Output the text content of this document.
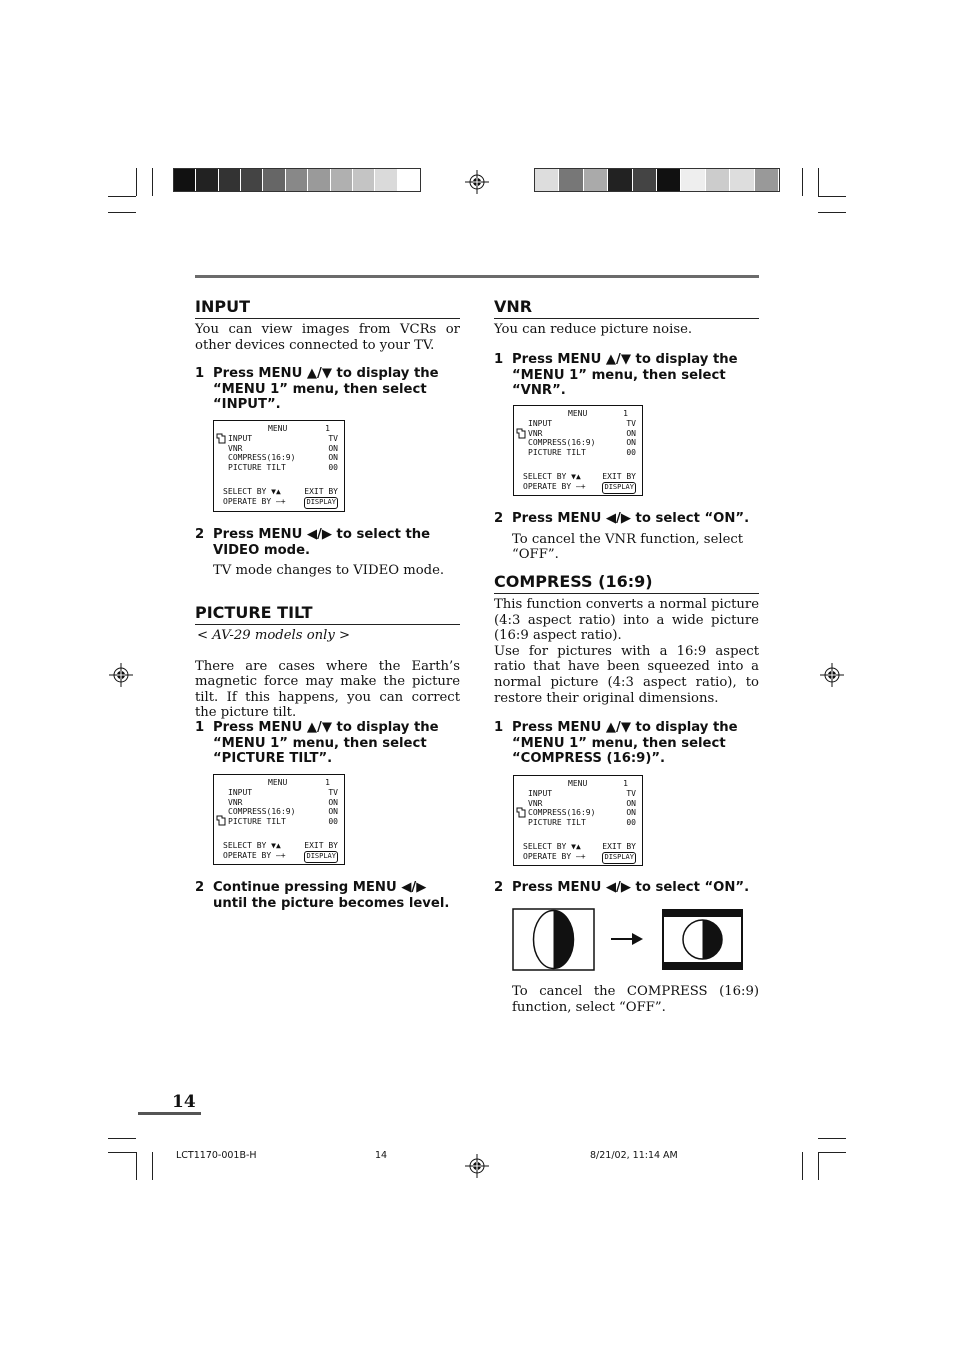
INPUT

You can view images from VCRs or other devices connected to your TV.

1 Press MENU ▲/▼ to display the “MENU 1” menu, then select “INPUT”.

MENU	1
INPUT	TV
VNR	ON
COMPRESS(16:9)	ON
PICTURE TILT	00
SELECT BY ▼▲	EXIT BY
OPERATE BY —+	DISPLAY

2 Press MENU ◀/▶ to select the VIDEO mode.

TV mode changes to VIDEO mode.

PICTURE TILT

< AV-29 models only >

There are cases where the Earth’s magnetic force may make the picture tilt. If this happens, you can correct the picture tilt.

1 Press MENU ▲/▼ to display the “MENU 1” menu, then select “PICTURE TILT”.

MENU	1
INPUT	TV
VNR	ON
COMPRESS(16:9)	ON
PICTURE TILT	00
SELECT BY ▼▲	EXIT BY
OPERATE BY —+	DISPLAY

2 Continue pressing MENU ◀/▶ until the picture becomes level.

VNR

You can reduce picture noise.

1 Press MENU ▲/▼ to display the “MENU 1” menu, then select “VNR”.

MENU	1
INPUT	TV
VNR	ON
COMPRESS(16:9)	ON
PICTURE TILT	00
SELECT BY ▼▲	EXIT BY
OPERATE BY —+	DISPLAY

2 Press MENU ◀/▶ to select “ON”.

To cancel the VNR function, select “OFF”.

COMPRESS (16:9)

This function converts a normal picture (4:3 aspect ratio) into a wide picture (16:9 aspect ratio).

Use for pictures with a 16:9 aspect ratio that have been squeezed into a normal picture (4:3 aspect ratio), to restore their original dimensions.

1 Press MENU ▲/▼ to display the “MENU 1” menu, then select “COMPRESS (16:9)”.

MENU	1
INPUT	TV
VNR	ON
COMPRESS(16:9)	ON
PICTURE TILT	00
SELECT BY ▼▲	EXIT BY
OPERATE BY —+	DISPLAY

2 Press MENU ◀/▶ to select “ON”.

To cancel the COMPRESS (16:9) function, select “OFF”.

14
LCT1170-001B-H	14	8/21/02, 11:14 AM
